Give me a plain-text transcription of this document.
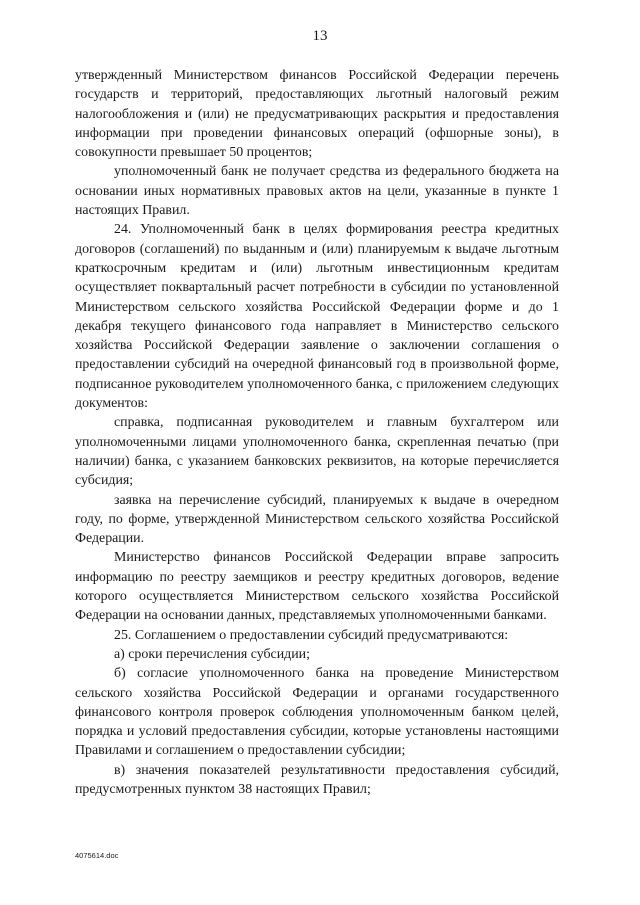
13

утвержденный Министерством финансов Российской Федерации перечень государств и территорий, предоставляющих льготный налоговый режим налогообложения и (или) не предусматривающих раскрытия и предоставления информации при проведении финансовых операций (офшорные зоны), в совокупности превышает 50 процентов;

уполномоченный банк не получает средства из федерального бюджета на основании иных нормативных правовых актов на цели, указанные в пункте 1 настоящих Правил.

24. Уполномоченный банк в целях формирования реестра кредитных договоров (соглашений) по выданным и (или) планируемым к выдаче льготным краткосрочным кредитам и (или) льготным инвестиционным кредитам осуществляет поквартальный расчет потребности в субсидии по установленной Министерством сельского хозяйства Российской Федерации форме и до 1 декабря текущего финансового года направляет в Министерство сельского хозяйства Российской Федерации заявление о заключении соглашения о предоставлении субсидий на очередной финансовый год в произвольной форме, подписанное руководителем уполномоченного банка, с приложением следующих документов:

справка, подписанная руководителем и главным бухгалтером или уполномоченными лицами уполномоченного банка, скрепленная печатью (при наличии) банка, с указанием банковских реквизитов, на которые перечисляется субсидия;

заявка на перечисление субсидий, планируемых к выдаче в очередном году, по форме, утвержденной Министерством сельского хозяйства Российской Федерации.

Министерство финансов Российской Федерации вправе запросить информацию по реестру заемщиков и реестру кредитных договоров, ведение которого осуществляется Министерством сельского хозяйства Российской Федерации на основании данных, представляемых уполномоченными банками.

25. Соглашением о предоставлении субсидий предусматриваются:

а) сроки перечисления субсидии;

б) согласие уполномоченного банка на проведение Министерством сельского хозяйства Российской Федерации и органами государственного финансового контроля проверок соблюдения уполномоченным банком целей, порядка и условий предоставления субсидии, которые установлены настоящими Правилами и соглашением о предоставлении субсидии;

в) значения показателей результативности предоставления субсидий, предусмотренных пунктом 38 настоящих Правил;

4075614.doc
